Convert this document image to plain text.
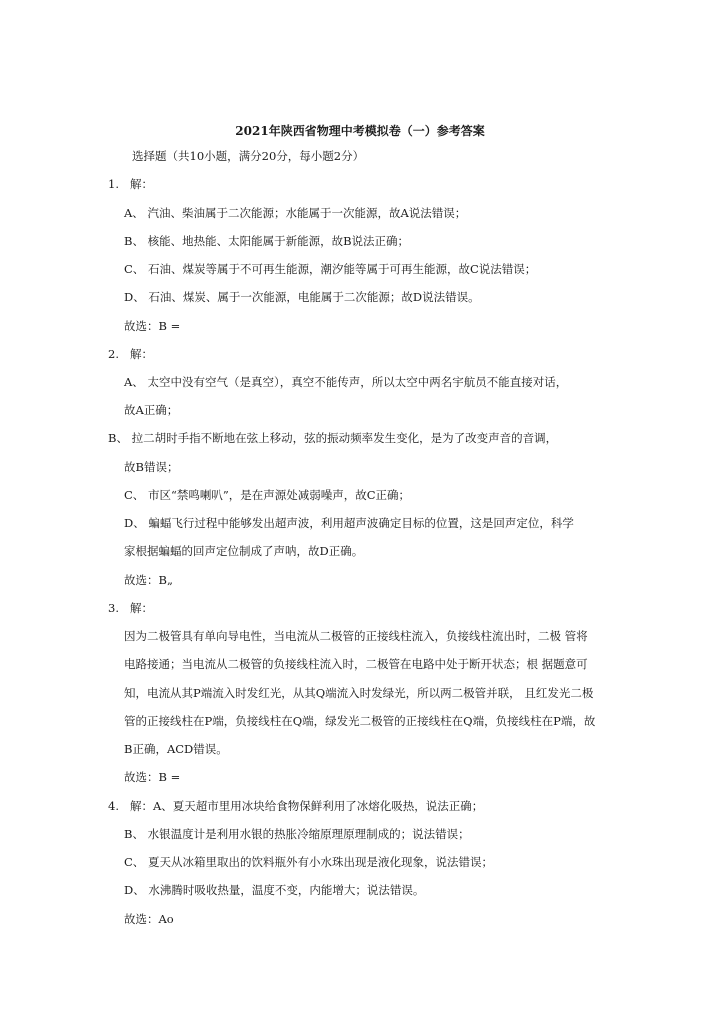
2021年陕西省物理中考模拟卷（一）参考答案
选择题（共10小题，满分20分，每小题2分）
1.   解：
A、 汽油、柴油属于二次能源；水能属于一次能源，故A说法错误；
B、 核能、地热能、太阳能属于新能源，故B说法正确；
C、 石油、煤炭等属于不可再生能源，潮汐能等属于可再生能源，故C说法错误；
D、 石油、煤炭、属于一次能源，电能属于二次能源；故D说法错误。
故选：B =
2.   解：
A、 太空中没有空气（是真空），真空不能传声，所以太空中两名宇航员不能直接对话，
故A正确；
B、 拉二胡时手指不断地在弦上移动，弦的振动频率发生变化，是为了改变声音的音调，
故B错误；
C、 市区“禁鸣喇叭”，是在声源处减弱噪声，故C正确；
D、 蝙蝠飞行过程中能够发出超声波，利用超声波确定目标的位置，这是回声定位，科学
家根据蝙蝠的回声定位制成了声呐，故D正确。
故选：B„
3.   解：
因为二极管具有单向导电性，当电流从二极管的正接线柱流入，负接线柱流出时，二极 管将
电路接通；当电流从二极管的负接线柱流入时，二极管在电路中处于断开状态；根 据题意可
知，电流从其P端流入时发红光，从其Q端流入时发绿光，所以两二极管并联， 且红发光二极
管的正接线柱在P端，负接线柱在Q端，绿发光二极管的正接线柱在Q端，负接线柱在P端，故
B正确，ACD错误。
故选：B =
4.   解：A、夏天超市里用冰块给食物保鲜利用了冰熔化吸热，说法正确；
B、 水银温度计是利用水银的热胀冷缩原理原理制成的；说法错误；
C、 夏天从冰箱里取出的饮料瓶外有小水珠出现是液化现象，说法错误；
D、 水沸腾时吸收热量，温度不变，内能增大；说法错误。
故选：Ao
